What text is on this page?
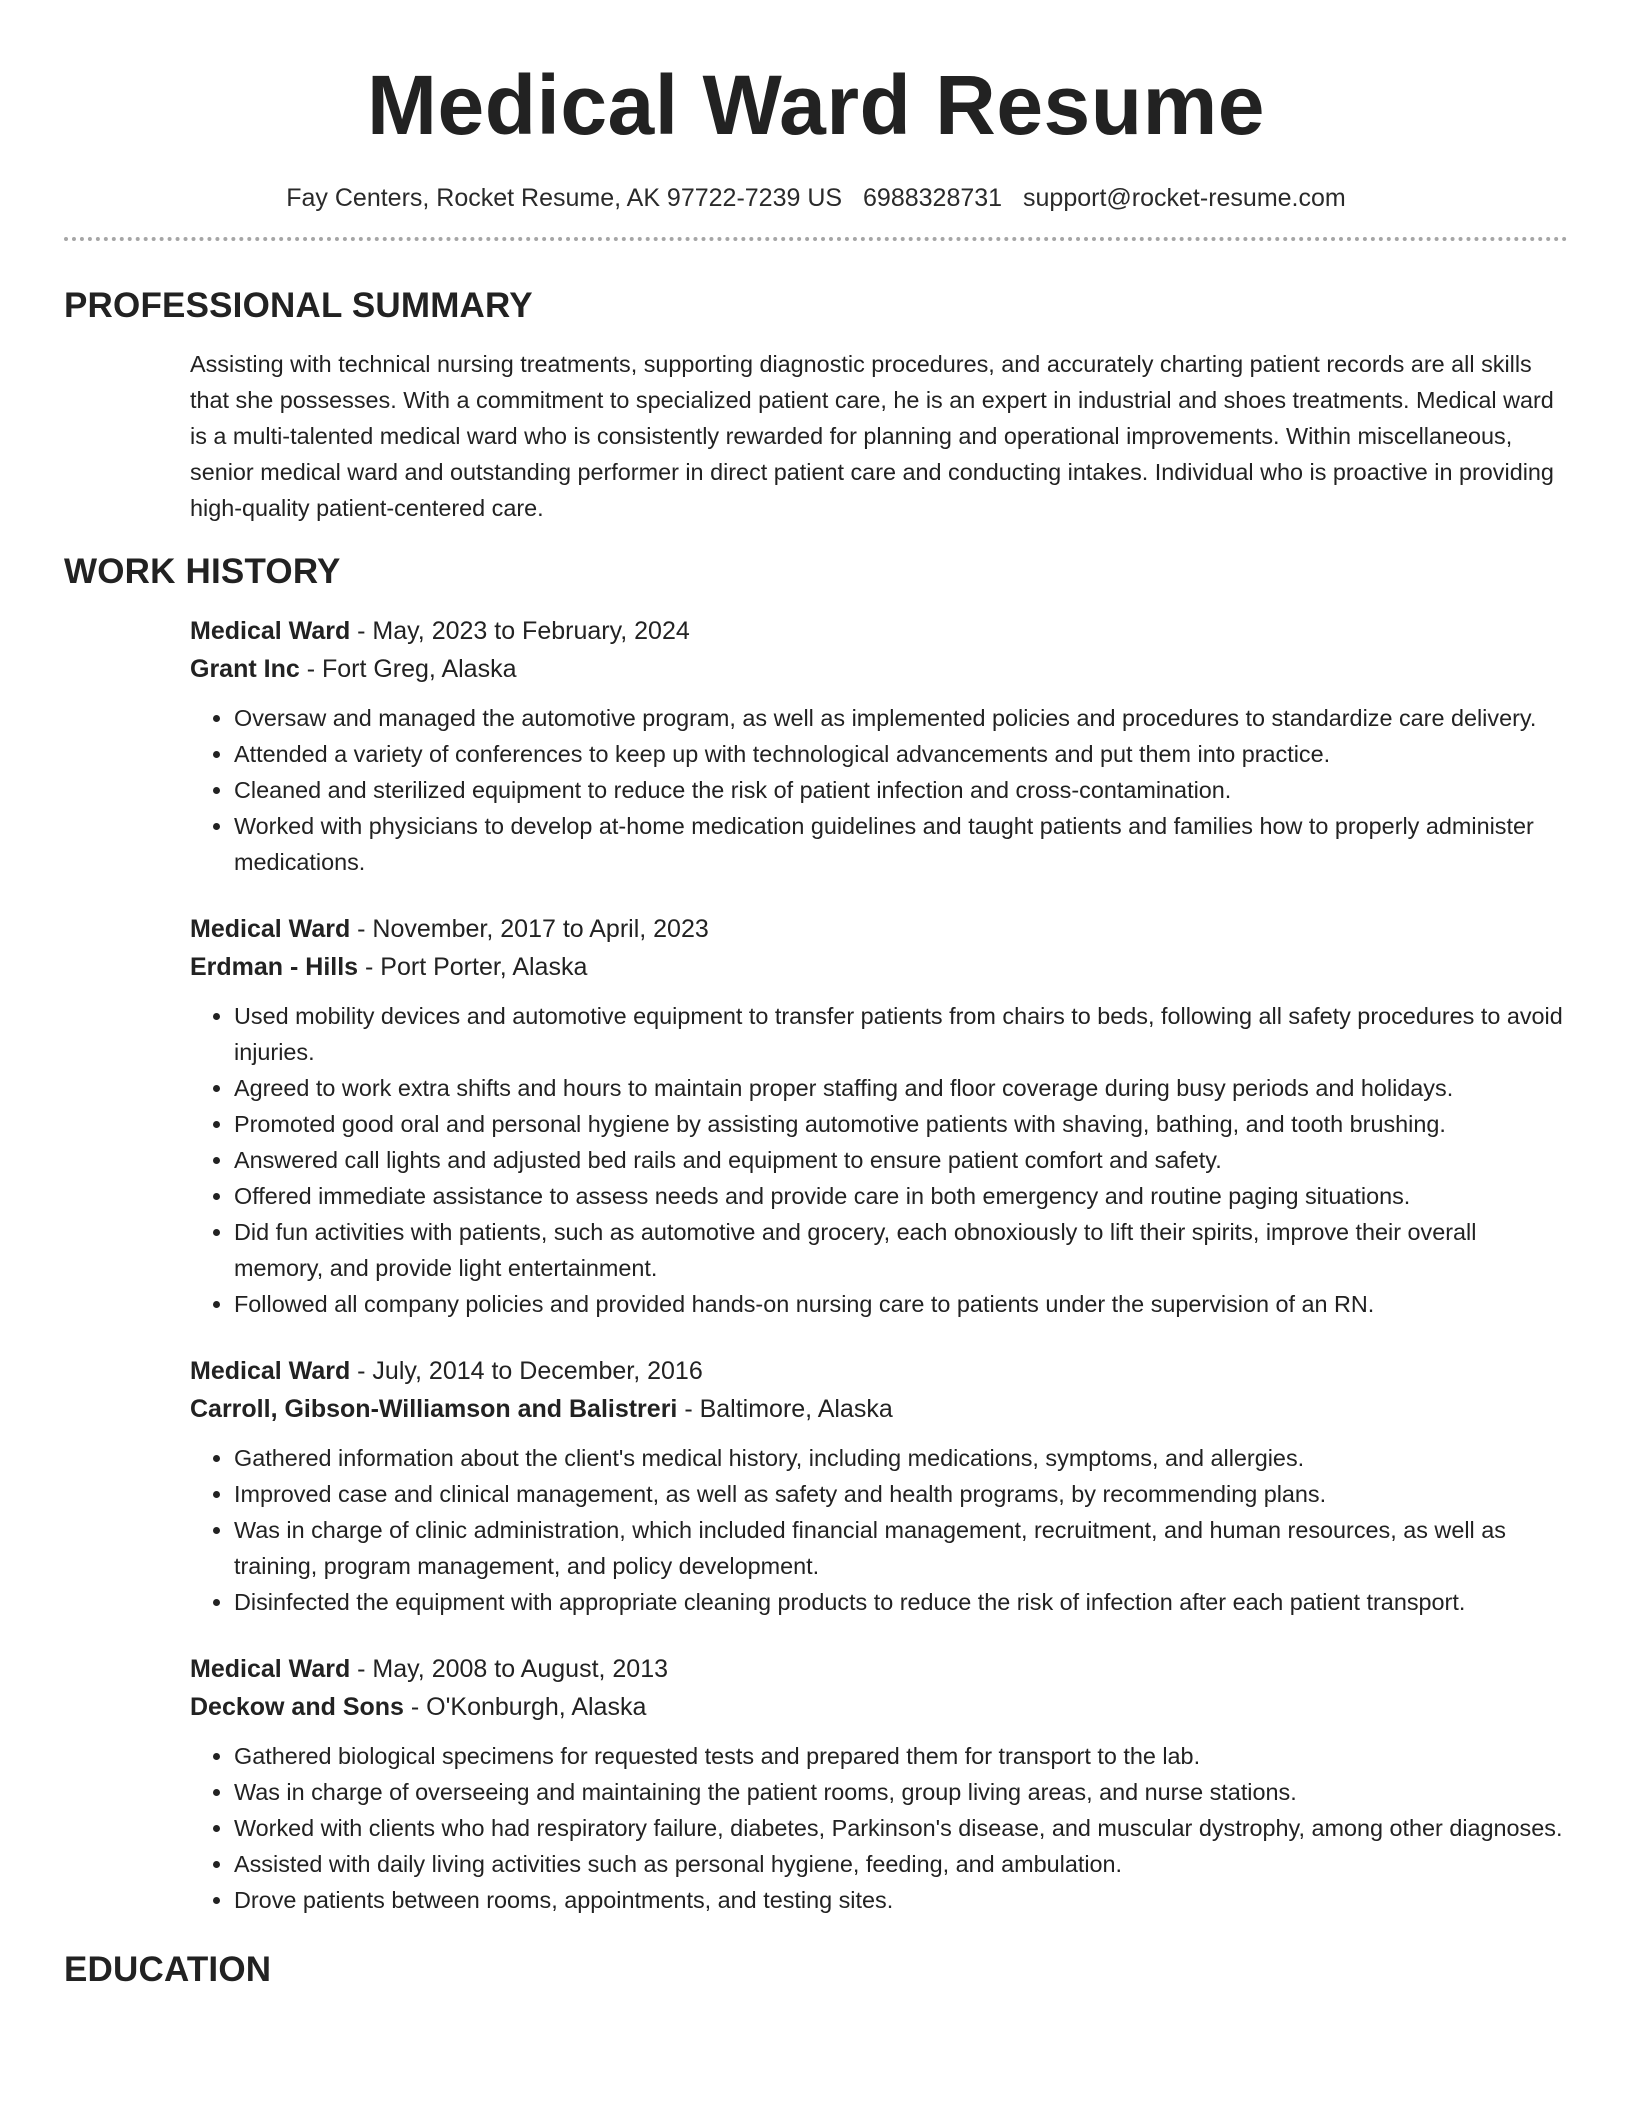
Medical Ward Resume
Fay Centers, Rocket Resume, AK 97722-7239 US 6988328731 support@rocket-resume.com
PROFESSIONAL SUMMARY
Assisting with technical nursing treatments, supporting diagnostic procedures, and accurately charting patient records are all skills that she possesses. With a commitment to specialized patient care, he is an expert in industrial and shoes treatments. Medical ward is a multi-talented medical ward who is consistently rewarded for planning and operational improvements. Within miscellaneous, senior medical ward and outstanding performer in direct patient care and conducting intakes. Individual who is proactive in providing high-quality patient-centered care.
WORK HISTORY
Medical Ward - May, 2023 to February, 2024
Grant Inc - Fort Greg, Alaska
• Oversaw and managed the automotive program, as well as implemented policies and procedures to standardize care delivery.
• Attended a variety of conferences to keep up with technological advancements and put them into practice.
• Cleaned and sterilized equipment to reduce the risk of patient infection and cross-contamination.
• Worked with physicians to develop at-home medication guidelines and taught patients and families how to properly administer medications.
Medical Ward - November, 2017 to April, 2023
Erdman - Hills - Port Porter, Alaska
• Used mobility devices and automotive equipment to transfer patients from chairs to beds, following all safety procedures to avoid injuries.
• Agreed to work extra shifts and hours to maintain proper staffing and floor coverage during busy periods and holidays.
• Promoted good oral and personal hygiene by assisting automotive patients with shaving, bathing, and tooth brushing.
• Answered call lights and adjusted bed rails and equipment to ensure patient comfort and safety.
• Offered immediate assistance to assess needs and provide care in both emergency and routine paging situations.
• Did fun activities with patients, such as automotive and grocery, each obnoxiously to lift their spirits, improve their overall memory, and provide light entertainment.
• Followed all company policies and provided hands-on nursing care to patients under the supervision of an RN.
Medical Ward - July, 2014 to December, 2016
Carroll, Gibson-Williamson and Balistreri - Baltimore, Alaska
• Gathered information about the client's medical history, including medications, symptoms, and allergies.
• Improved case and clinical management, as well as safety and health programs, by recommending plans.
• Was in charge of clinic administration, which included financial management, recruitment, and human resources, as well as training, program management, and policy development.
• Disinfected the equipment with appropriate cleaning products to reduce the risk of infection after each patient transport.
Medical Ward - May, 2008 to August, 2013
Deckow and Sons - O'Konburgh, Alaska
• Gathered biological specimens for requested tests and prepared them for transport to the lab.
• Was in charge of overseeing and maintaining the patient rooms, group living areas, and nurse stations.
• Worked with clients who had respiratory failure, diabetes, Parkinson's disease, and muscular dystrophy, among other diagnoses.
• Assisted with daily living activities such as personal hygiene, feeding, and ambulation.
• Drove patients between rooms, appointments, and testing sites.
EDUCATION
